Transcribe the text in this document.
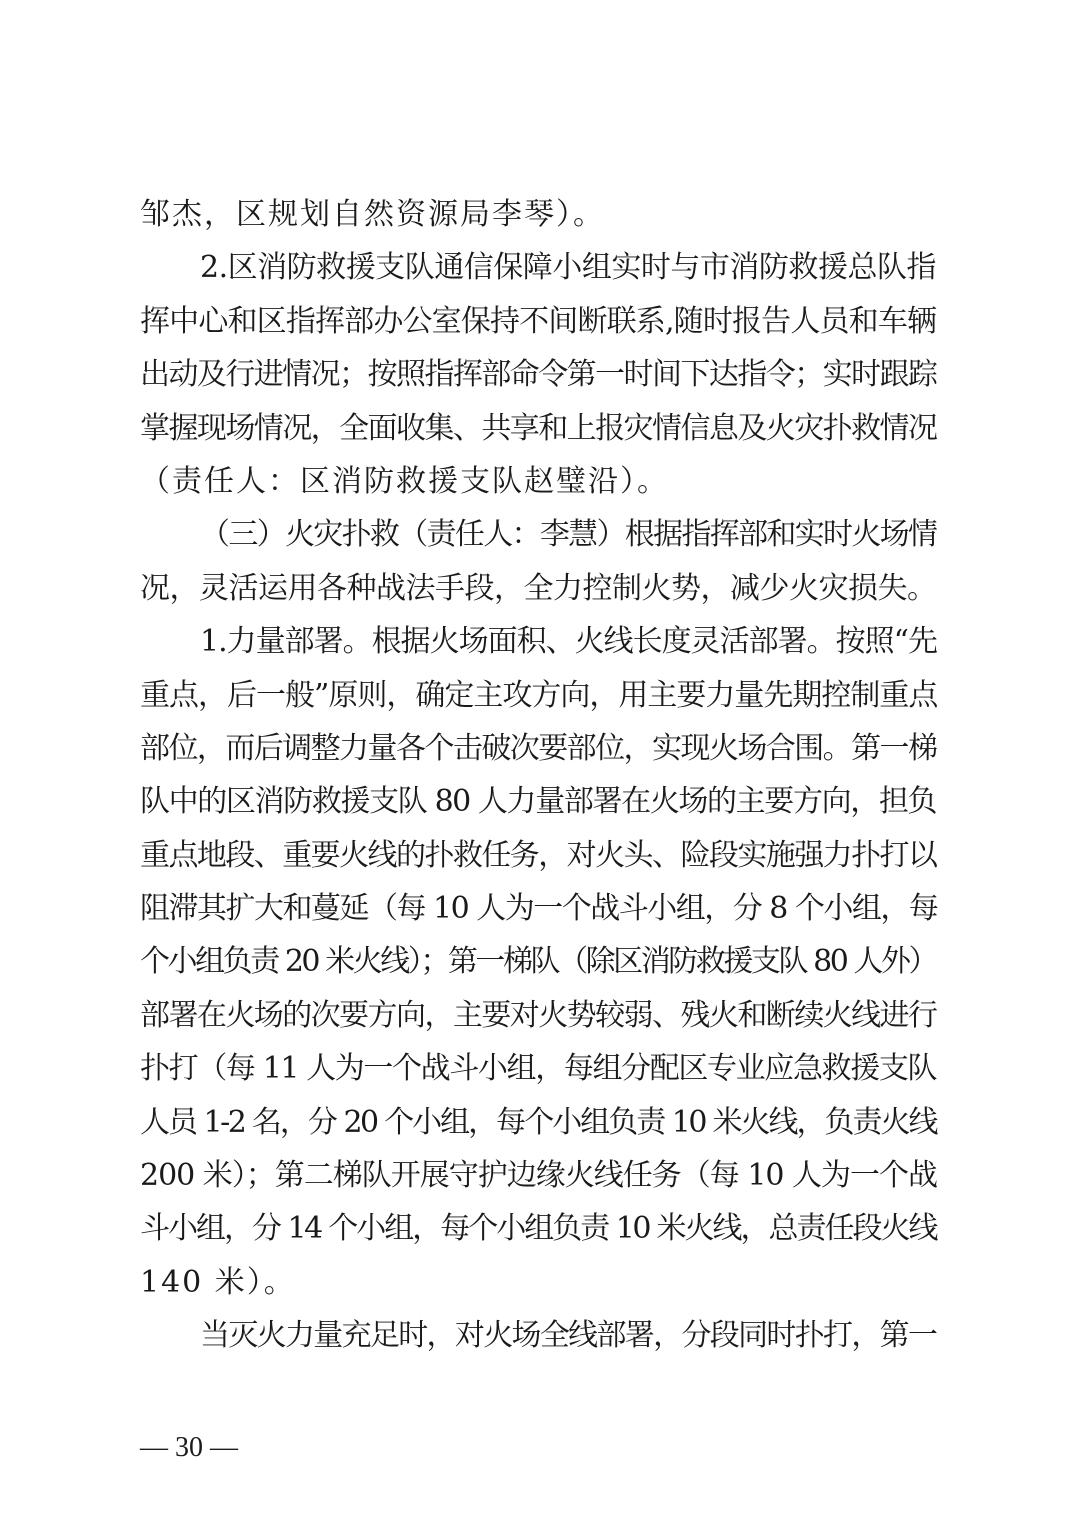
邹杰，区规划自然资源局李琴）。
2.区消防救援支队通信保障小组实时与市消防救援总队指
挥中心和区指挥部办公室保持不间断联系,随时报告人员和车辆
出动及行进情况；按照指挥部命令第一时间下达指令；实时跟踪
掌握现场情况，全面收集、共享和上报灾情信息及火灾扑救情况
（责任人：区消防救援支队赵璧沿）。
（三）火灾扑救（责任人：李慧）根据指挥部和实时火场情
况，灵活运用各种战法手段，全力控制火势，减少火灾损失。
1.力量部署。根据火场面积、火线长度灵活部署。按照“先
重点，后一般”原则，确定主攻方向，用主要力量先期控制重点
部位，而后调整力量各个击破次要部位，实现火场合围。第一梯
队中的区消防救援支队 80 人力量部署在火场的主要方向，担负
重点地段、重要火线的扑救任务，对火头、险段实施强力扑打以
阻滞其扩大和蔓延（每 10 人为一个战斗小组，分 8 个小组，每
个小组负责 20 米火线）；第一梯队（除区消防救援支队 80 人外）
部署在火场的次要方向，主要对火势较弱、残火和断续火线进行
扑打（每 11 人为一个战斗小组，每组分配区专业应急救援支队
人员 1-2 名，分 20 个小组，每个小组负责 10 米火线，负责火线
200 米）；第二梯队开展守护边缘火线任务（每 10 人为一个战
斗小组，分 14 个小组，每个小组负责 10 米火线，总责任段火线
140 米）。
当灭火力量充足时，对火场全线部署，分段同时扑打，第一
— 30 —
